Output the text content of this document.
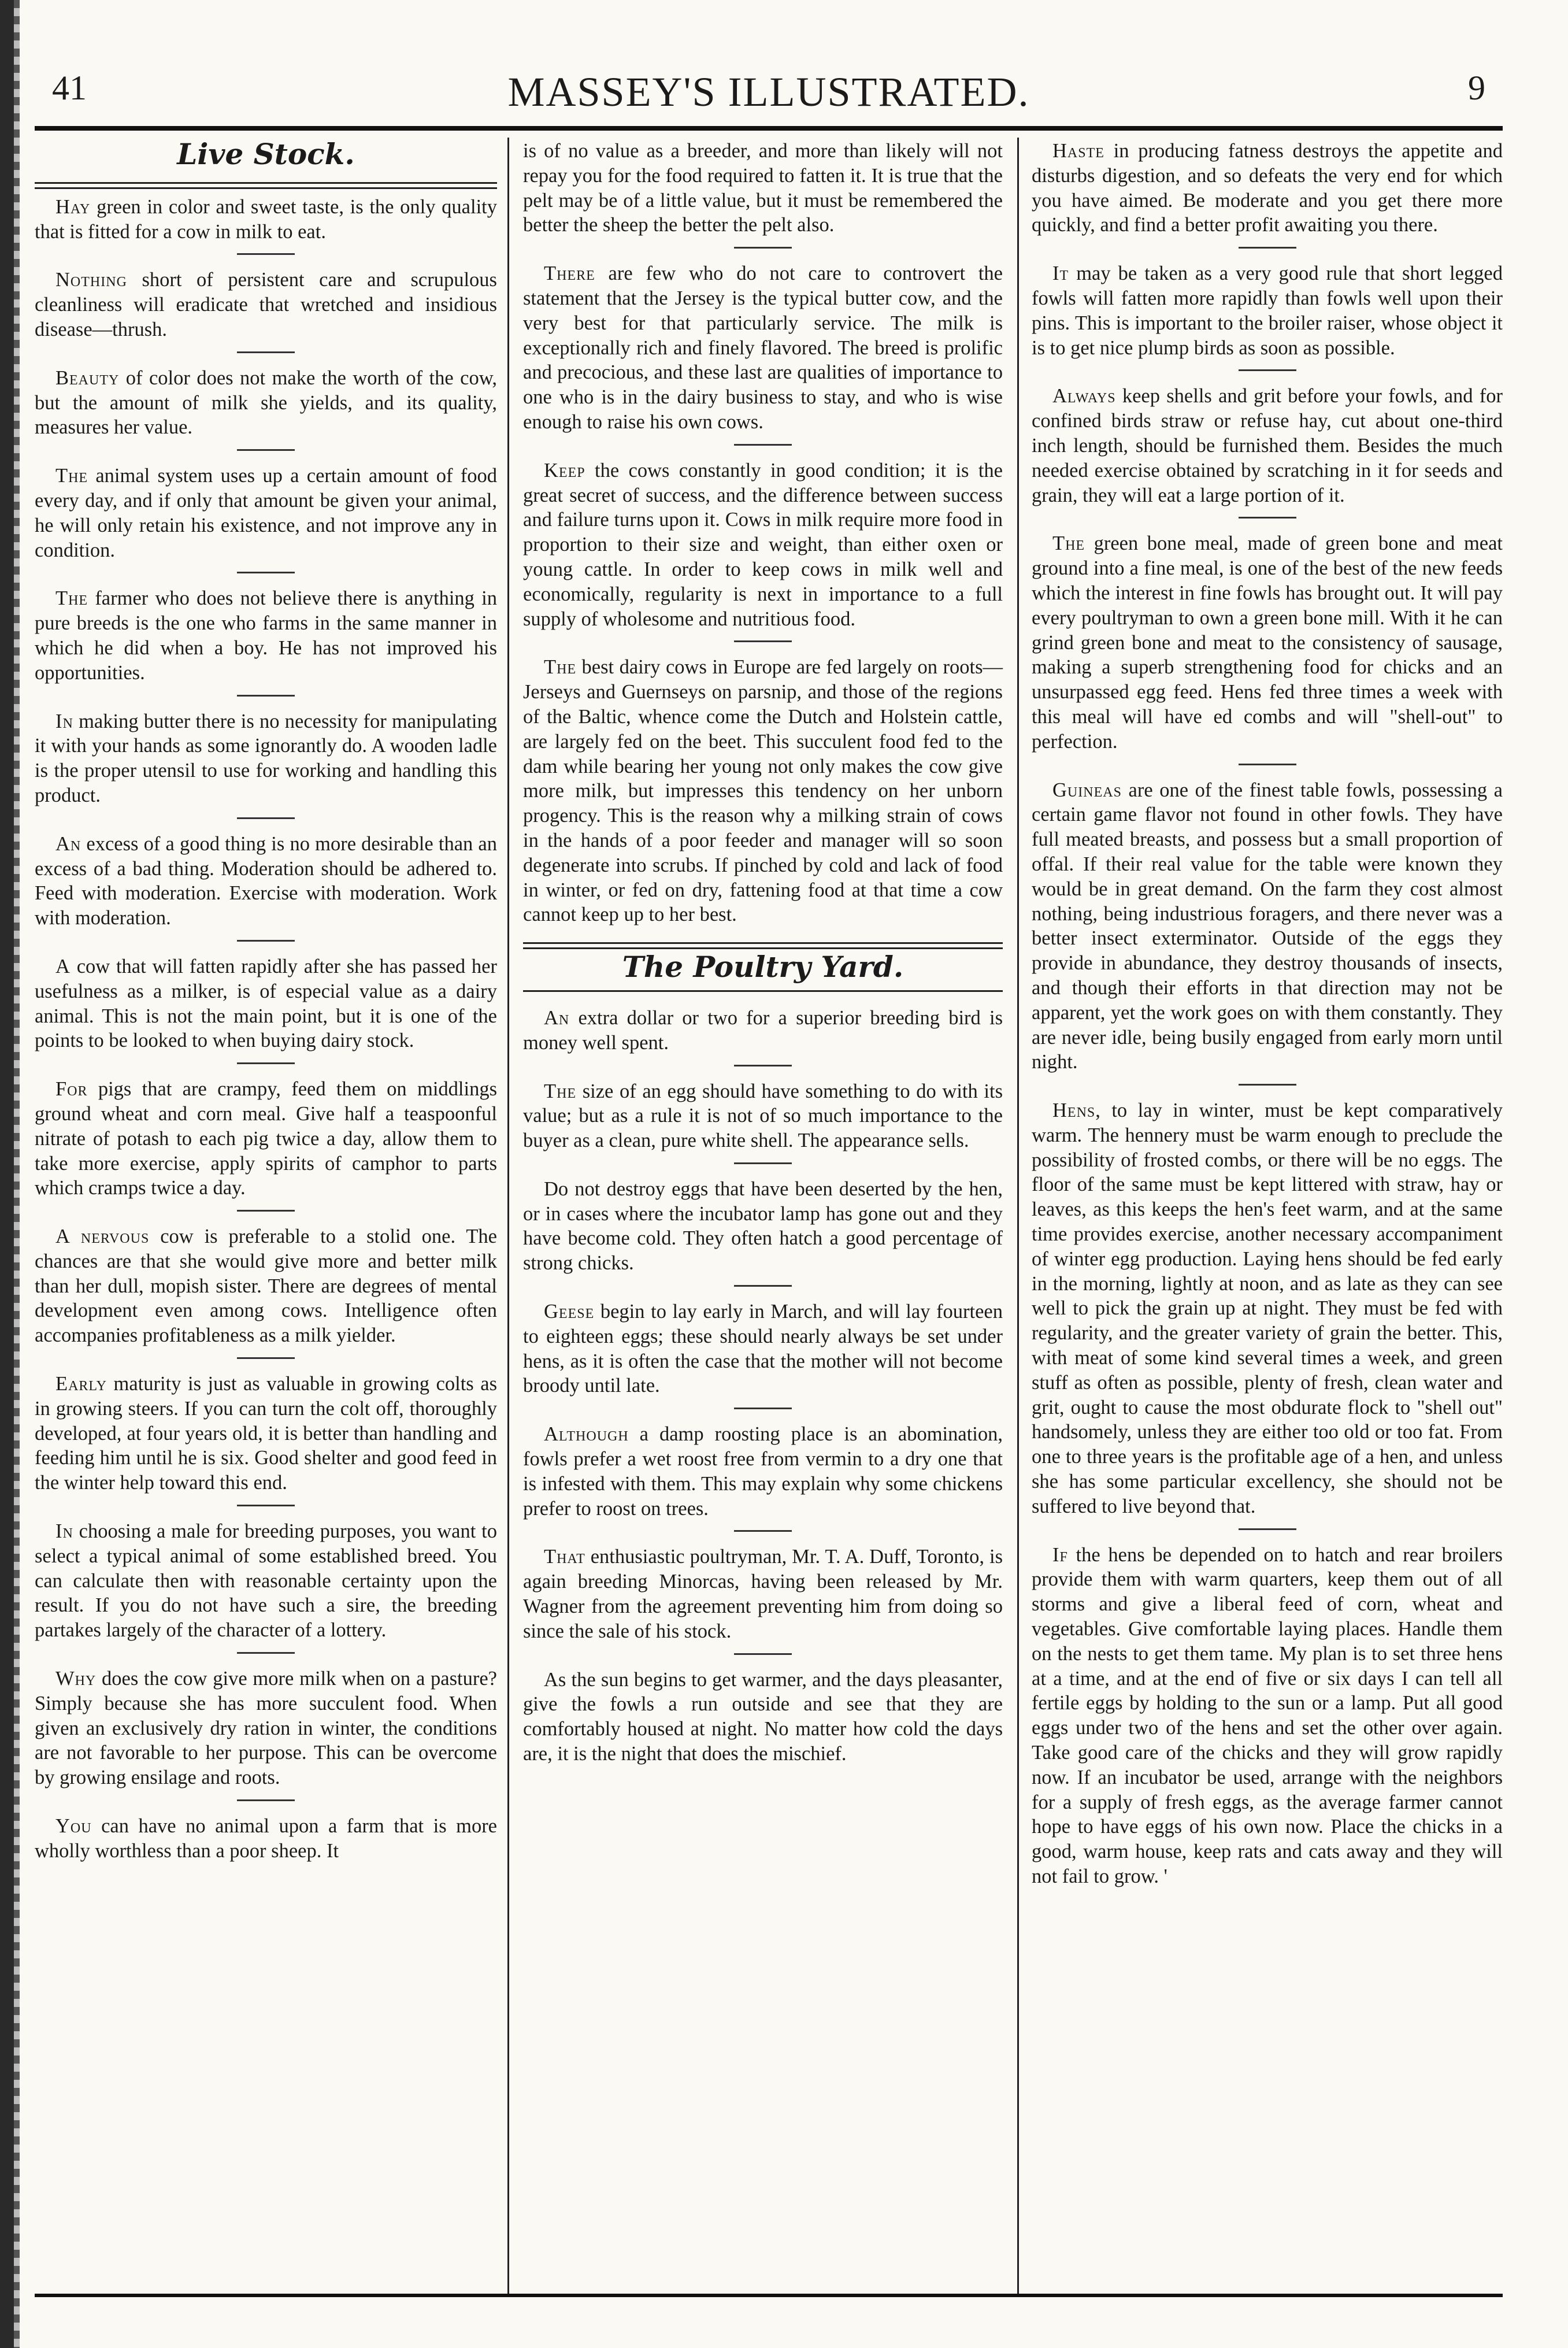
41	MASSEY'S ILLUSTRATED.	9
Live Stock.

Hay green in color and sweet taste, is the only quality that is fitted for a cow in milk to eat.

Nothing short of persistent care and scrupulous cleanliness will eradicate that wretched and insidious disease—thrush.

Beauty of color does not make the worth of the cow, but the amount of milk she yields, and its quality, measures her value.

The animal system uses up a certain amount of food every day, and if only that amount be given your animal, he will only retain his existence, and not improve any in condition.

The farmer who does not believe there is anything in pure breeds is the one who farms in the same manner in which he did when a boy. He has not improved his opportunities.

In making butter there is no necessity for manipulating it with your hands as some ignorantly do. A wooden ladle is the proper utensil to use for working and handling this product.

An excess of a good thing is no more desirable than an excess of a bad thing. Moderation should be adhered to. Feed with moderation. Exercise with moderation. Work with moderation.

A cow that will fatten rapidly after she has passed her usefulness as a milker, is of especial value as a dairy animal. This is not the main point, but it is one of the points to be looked to when buying dairy stock.

For pigs that are crampy, feed them on middlings ground wheat and corn meal. Give half a teaspoonful nitrate of potash to each pig twice a day, allow them to take more exercise, apply spirits of camphor to parts which cramps twice a day.

A nervous cow is preferable to a stolid one. The chances are that she would give more and better milk than her dull, mopish sister. There are degrees of mental development even among cows. Intelligence often accompanies profitableness as a milk yielder.

Early maturity is just as valuable in growing colts as in growing steers. If you can turn the colt off, thoroughly developed, at four years old, it is better than handling and feeding him until he is six. Good shelter and good feed in the winter help toward this end.

In choosing a male for breeding purposes, you want to select a typical animal of some established breed. You can calculate then with reasonable certainty upon the result. If you do not have such a sire, the breeding partakes largely of the character of a lottery.

Why does the cow give more milk when on a pasture? Simply because she has more succulent food. When given an exclusively dry ration in winter, the conditions are not favorable to her purpose. This can be overcome by growing ensilage and roots.

You can have no animal upon a farm that is more wholly worthless than a poor sheep. It

is of no value as a breeder, and more than likely will not repay you for the food required to fatten it. It is true that the pelt may be of a little value, but it must be remembered the better the sheep the better the pelt also.

There are few who do not care to controvert the statement that the Jersey is the typical butter cow, and the very best for that particularly service. The milk is exceptionally rich and finely flavored. The breed is prolific and precocious, and these last are qualities of importance to one who is in the dairy business to stay, and who is wise enough to raise his own cows.

Keep the cows constantly in good condition; it is the great secret of success, and the difference between success and failure turns upon it. Cows in milk require more food in proportion to their size and weight, than either oxen or young cattle. In order to keep cows in milk well and economically, regularity is next in importance to a full supply of wholesome and nutritious food.

The best dairy cows in Europe are fed largely on roots—Jerseys and Guernseys on parsnip, and those of the regions of the Baltic, whence come the Dutch and Holstein cattle, are largely fed on the beet. This succulent food fed to the dam while bearing her young not only makes the cow give more milk, but impresses this tendency on her unborn progency. This is the reason why a milking strain of cows in the hands of a poor feeder and manager will so soon degenerate into scrubs. If pinched by cold and lack of food in winter, or fed on dry, fattening food at that time a cow cannot keep up to her best.

The Poultry Yard.

An extra dollar or two for a superior breeding bird is money well spent.

The size of an egg should have something to do with its value; but as a rule it is not of so much importance to the buyer as a clean, pure white shell. The appearance sells.

Do not destroy eggs that have been deserted by the hen, or in cases where the incubator lamp has gone out and they have become cold. They often hatch a good percentage of strong chicks.

Geese begin to lay early in March, and will lay fourteen to eighteen eggs; these should nearly always be set under hens, as it is often the case that the mother will not become broody until late.

Although a damp roosting place is an abomination, fowls prefer a wet roost free from vermin to a dry one that is infested with them. This may explain why some chickens prefer to roost on trees.

That enthusiastic poultryman, Mr. T. A. Duff, Toronto, is again breeding Minorcas, having been released by Mr. Wagner from the agreement preventing him from doing so since the sale of his stock.

As the sun begins to get warmer, and the days pleasanter, give the fowls a run outside and see that they are comfortably housed at night. No matter how cold the days are, it is the night that does the mischief.

Haste in producing fatness destroys the appetite and disturbs digestion, and so defeats the very end for which you have aimed. Be moderate and you get there more quickly, and find a better profit awaiting you there.

It may be taken as a very good rule that short legged fowls will fatten more rapidly than fowls well upon their pins. This is important to the broiler raiser, whose object it is to get nice plump birds as soon as possible.

Always keep shells and grit before your fowls, and for confined birds straw or refuse hay, cut about one-third inch length, should be furnished them. Besides the much needed exercise obtained by scratching in it for seeds and grain, they will eat a large portion of it.

The green bone meal, made of green bone and meat ground into a fine meal, is one of the best of the new feeds which the interest in fine fowls has brought out. It will pay every poultryman to own a green bone mill. With it he can grind green bone and meat to the consistency of sausage, making a superb strengthening food for chicks and an unsurpassed egg feed. Hens fed three times a week with this meal will have ed combs and will "shell-out" to perfection.

Guineas are one of the finest table fowls, possessing a certain game flavor not found in other fowls. They have full meated breasts, and possess but a small proportion of offal. If their real value for the table were known they would be in great demand. On the farm they cost almost nothing, being industrious foragers, and there never was a better insect exterminator. Outside of the eggs they provide in abundance, they destroy thousands of insects, and though their efforts in that direction may not be apparent, yet the work goes on with them constantly. They are never idle, being busily engaged from early morn until night.

Hens, to lay in winter, must be kept comparatively warm. The hennery must be warm enough to preclude the possibility of frosted combs, or there will be no eggs. The floor of the same must be kept littered with straw, hay or leaves, as this keeps the hen's feet warm, and at the same time provides exercise, another necessary accompaniment of winter egg production. Laying hens should be fed early in the morning, lightly at noon, and as late as they can see well to pick the grain up at night. They must be fed with regularity, and the greater variety of grain the better. This, with meat of some kind several times a week, and green stuff as often as possible, plenty of fresh, clean water and grit, ought to cause the most obdurate flock to "shell out" handsomely, unless they are either too old or too fat. From one to three years is the profitable age of a hen, and unless she has some particular excellency, she should not be suffered to live beyond that.

If the hens be depended on to hatch and rear broilers provide them with warm quarters, keep them out of all storms and give a liberal feed of corn, wheat and vegetables. Give comfortable laying places. Handle them on the nests to get them tame. My plan is to set three hens at a time, and at the end of five or six days I can tell all fertile eggs by holding to the sun or a lamp. Put all good eggs under two of the hens and set the other over again. Take good care of the chicks and they will grow rapidly now. If an incubator be used, arrange with the neighbors for a supply of fresh eggs, as the average farmer cannot hope to have eggs of his own now. Place the chicks in a good, warm house, keep rats and cats away and they will not fail to grow. '
